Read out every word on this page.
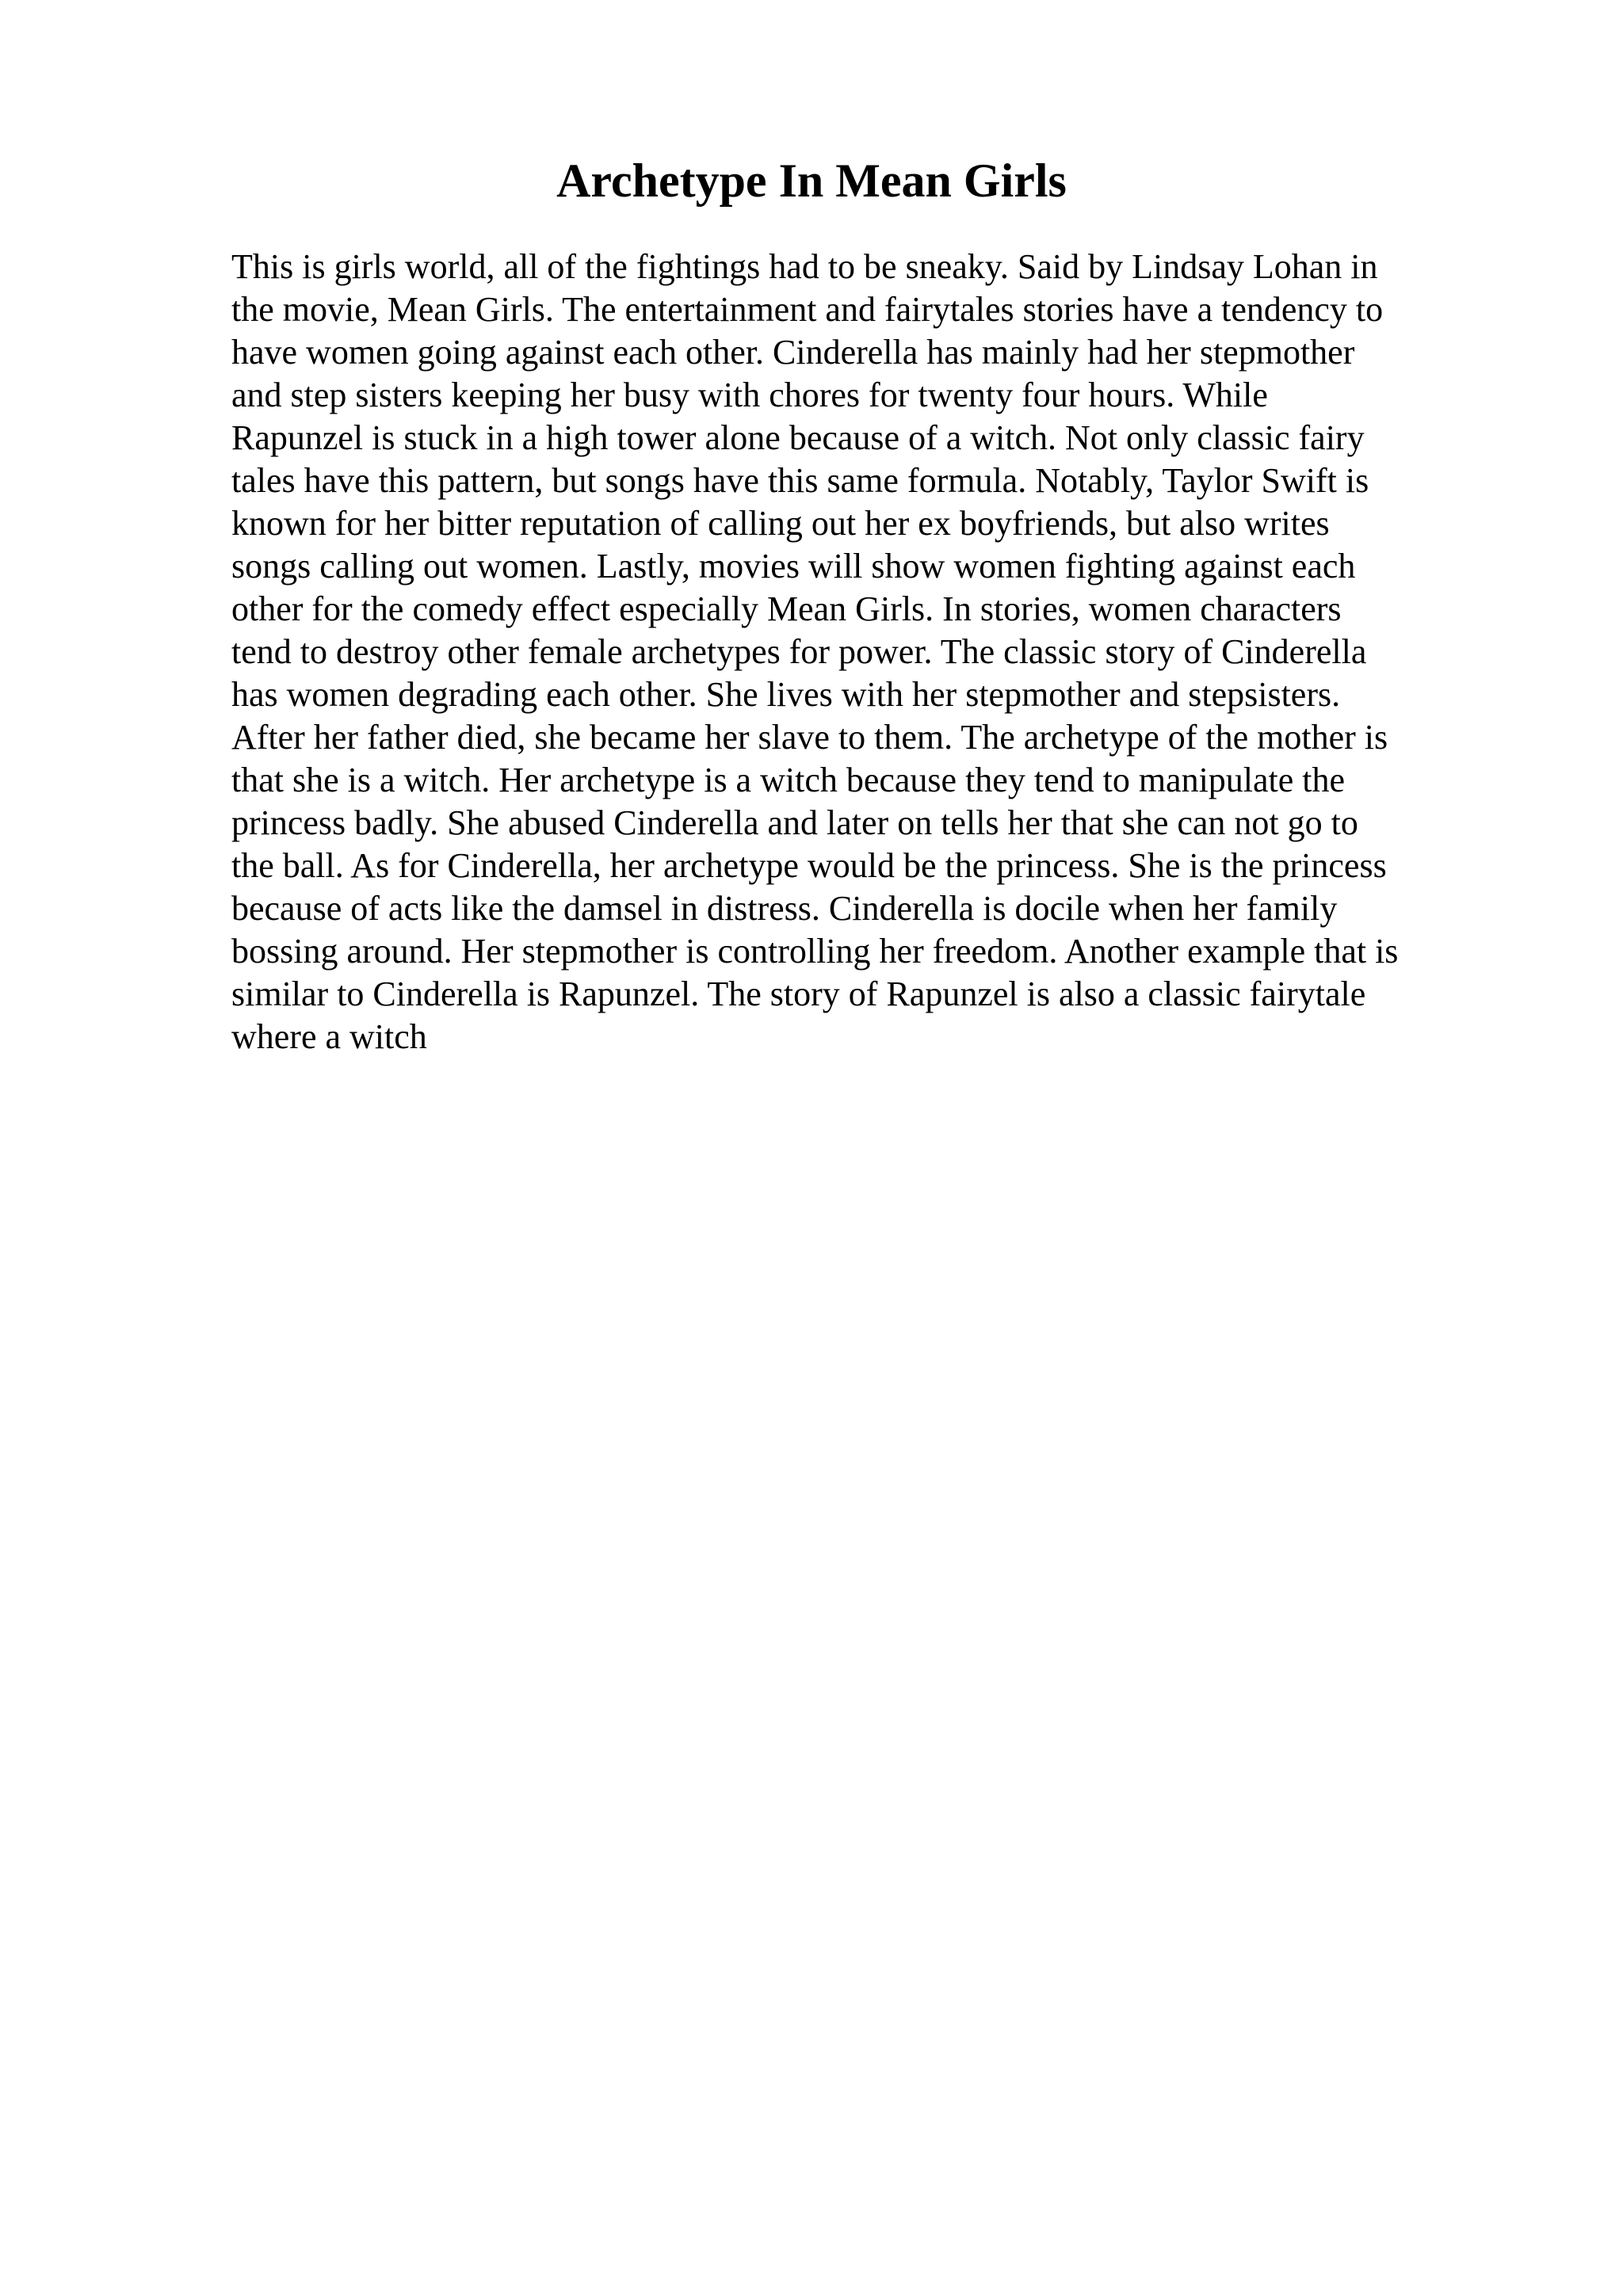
Archetype In Mean Girls
This is girls world, all of the fightings had to be sneaky. Said by Lindsay Lohan in
the movie, Mean Girls. The entertainment and fairytales stories have a tendency to
have women going against each other. Cinderella has mainly had her stepmother
and step sisters keeping her busy with chores for twenty four hours. While
Rapunzel is stuck in a high tower alone because of a witch. Not only classic fairy
tales have this pattern, but songs have this same formula. Notably, Taylor Swift is
known for her bitter reputation of calling out her ex boyfriends, but also writes
songs calling out women. Lastly, movies will show women fighting against each
other for the comedy effect especially Mean Girls. In stories, women characters
tend to destroy other female archetypes for power. The classic story of Cinderella
has women degrading each other. She lives with her stepmother and stepsisters.
After her father died, she became her slave to them. The archetype of the mother is
that she is a witch. Her archetype is a witch because they tend to manipulate the
princess badly. She abused Cinderella and later on tells her that she can not go to
the ball. As for Cinderella, her archetype would be the princess. She is the princess
because of acts like the damsel in distress. Cinderella is docile when her family
bossing around. Her stepmother is controlling her freedom. Another example that is
similar to Cinderella is Rapunzel. The story of Rapunzel is also a classic fairytale
where a witch
